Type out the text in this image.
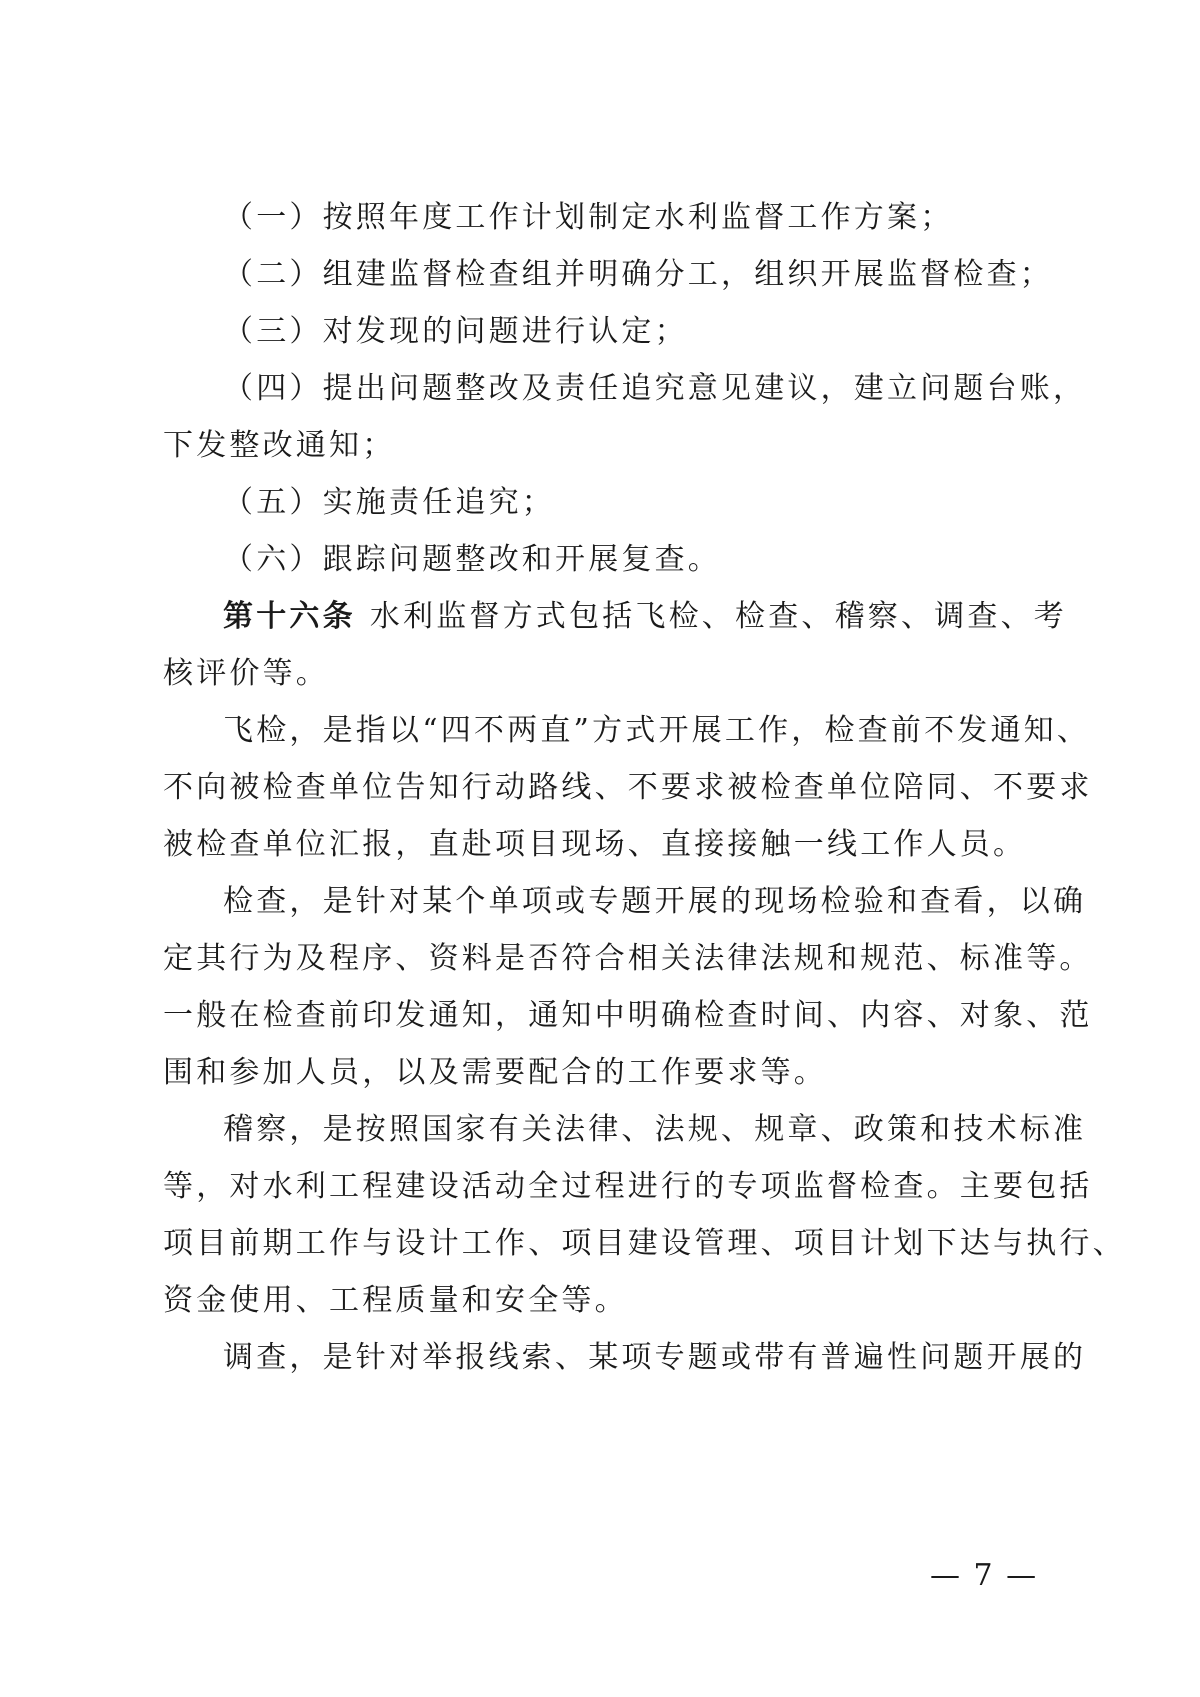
（一）按照年度工作计划制定水利监督工作方案；
（二）组建监督检查组并明确分工，组织开展监督检查；
（三）对发现的问题进行认定；
（四）提出问题整改及责任追究意见建议，建立问题台账，
下发整改通知；
（五）实施责任追究；
（六）跟踪问题整改和开展复查。
第十六条 水利监督方式包括飞检、检查、稽察、调查、考
核评价等。
飞检，是指以“四不两直”方式开展工作，检查前不发通知、
不向被检查单位告知行动路线、不要求被检查单位陪同、不要求
被检查单位汇报，直赴项目现场、直接接触一线工作人员。
检查，是针对某个单项或专题开展的现场检验和查看，以确
定其行为及程序、资料是否符合相关法律法规和规范、标准等。
一般在检查前印发通知，通知中明确检查时间、内容、对象、范
围和参加人员，以及需要配合的工作要求等。
稽察，是按照国家有关法律、法规、规章、政策和技术标准
等，对水利工程建设活动全过程进行的专项监督检查。主要包括
项目前期工作与设计工作、项目建设管理、项目计划下达与执行、
资金使用、工程质量和安全等。
调查，是针对举报线索、某项专题或带有普遍性问题开展的
— 7 —
